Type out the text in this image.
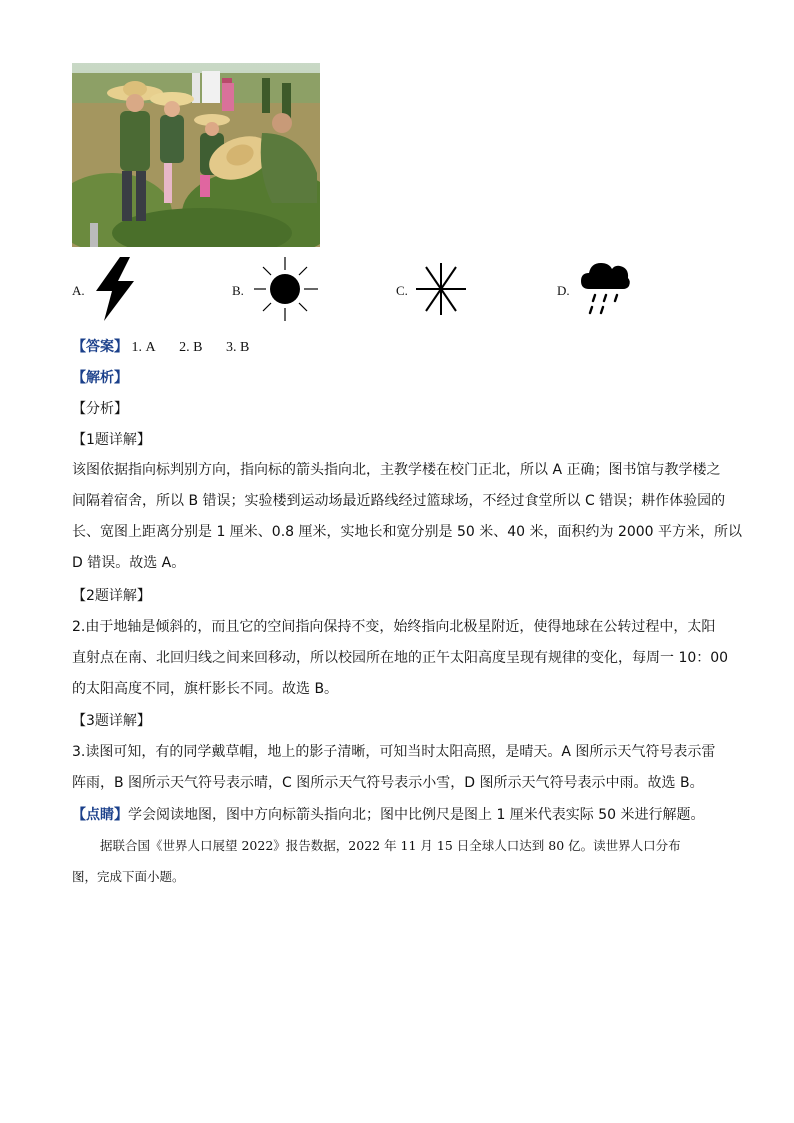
A.	B.	C.	D.
【答案】 1. A 2. B 3. B
【解析】
【分析】
【1题详解】
该图依据指向标判别方向，指向标的箭头指向北，主教学楼在校门正北，所以 A 正确；图书馆与教学楼之
间隔着宿舍，所以 B 错误；实验楼到运动场最近路线经过篮球场，不经过食堂所以 C 错误；耕作体验园的
长、宽图上距离分别是 1 厘米、0.8 厘米，实地长和宽分别是 50 米、40 米，面积约为 2000 平方米，所以
D 错误。故选 A。
【2题详解】
2.由于地轴是倾斜的，而且它的空间指向保持不变，始终指向北极星附近，使得地球在公转过程中，太阳
直射点在南、北回归线之间来回移动，所以校园所在地的正午太阳高度呈现有规律的变化，每周一 10：00
的太阳高度不同，旗杆影长不同。故选 B。
【3题详解】
3.读图可知，有的同学戴草帽，地上的影子清晰，可知当时太阳高照，是晴天。A 图所示天气符号表示雷
阵雨，B 图所示天气符号表示晴，C 图所示天气符号表示小雪，D 图所示天气符号表示中雨。故选 B。
【点睛】学会阅读地图，图中方向标箭头指向北；图中比例尺是图上 1 厘米代表实际 50 米进行解题。
据联合国《世界人口展望 2022》报告数据，2022 年 11 月 15 日全球人口达到 80 亿。读世界人口分布
图，完成下面小题。
